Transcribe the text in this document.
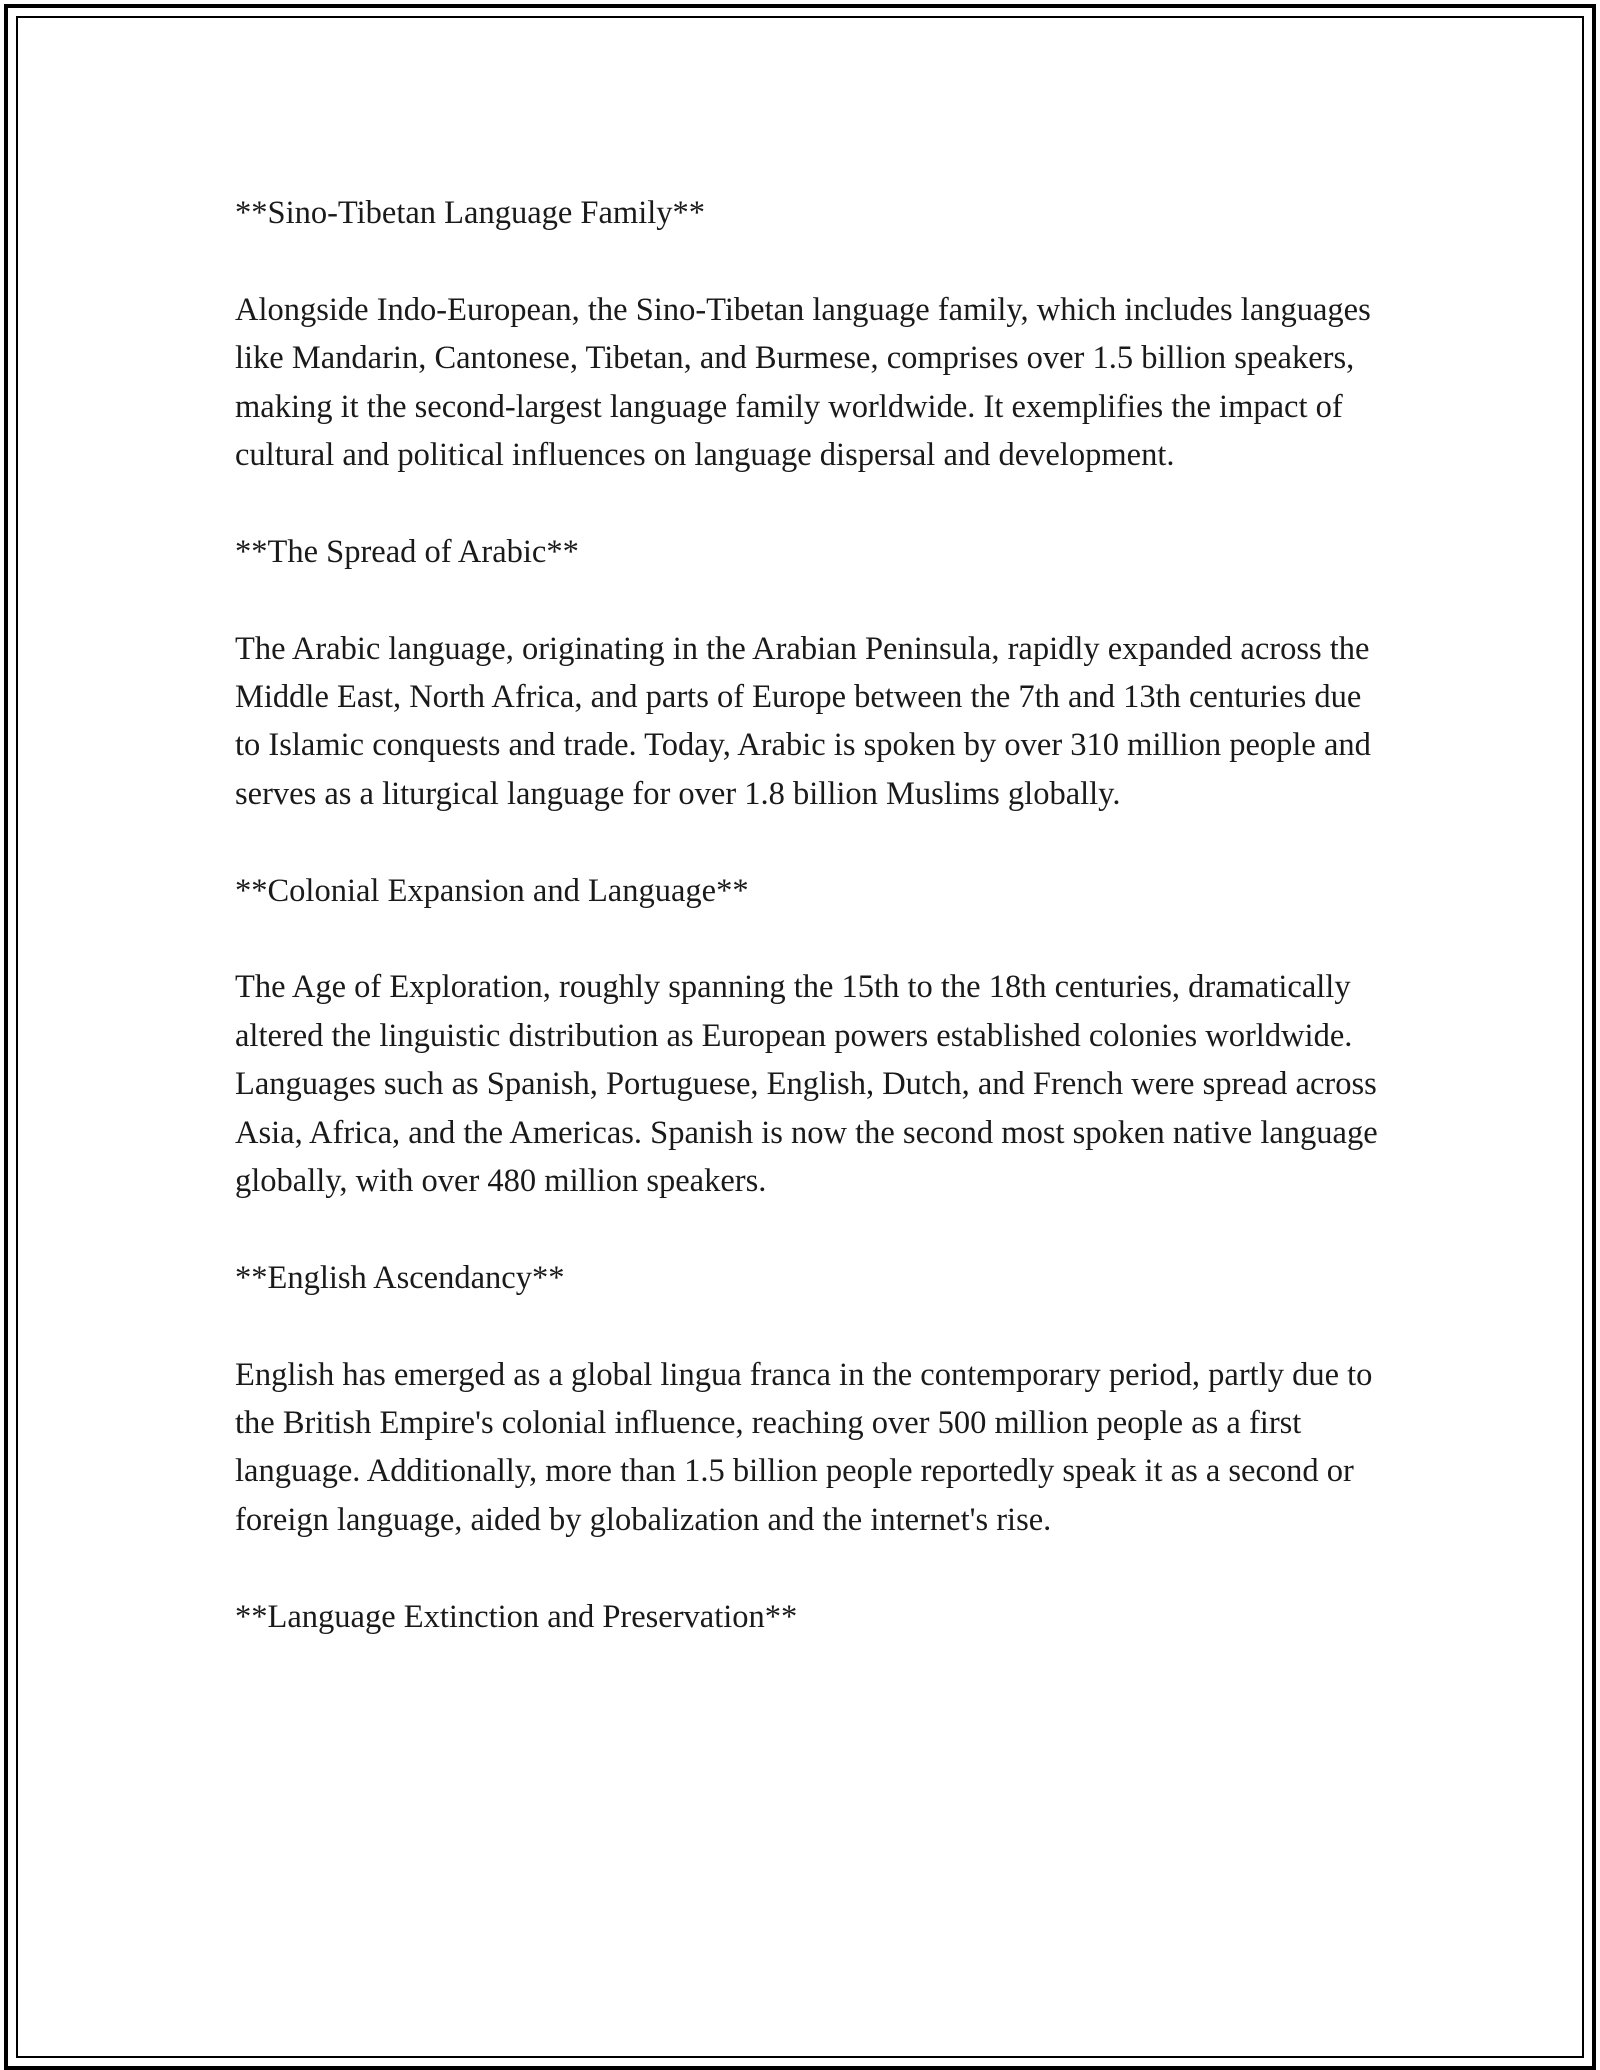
**Sino-Tibetan Language Family**

Alongside Indo-European, the Sino-Tibetan language family, which includes languages like Mandarin, Cantonese, Tibetan, and Burmese, comprises over 1.5 billion speakers, making it the second-largest language family worldwide. It exemplifies the impact of cultural and political influences on language dispersal and development.

**The Spread of Arabic**

The Arabic language, originating in the Arabian Peninsula, rapidly expanded across the Middle East, North Africa, and parts of Europe between the 7th and 13th centuries due to Islamic conquests and trade. Today, Arabic is spoken by over 310 million people and serves as a liturgical language for over 1.8 billion Muslims globally.

**Colonial Expansion and Language**

The Age of Exploration, roughly spanning the 15th to the 18th centuries, dramatically altered the linguistic distribution as European powers established colonies worldwide. Languages such as Spanish, Portuguese, English, Dutch, and French were spread across Asia, Africa, and the Americas. Spanish is now the second most spoken native language globally, with over 480 million speakers.

**English Ascendancy**

English has emerged as a global lingua franca in the contemporary period, partly due to the British Empire's colonial influence, reaching over 500 million people as a first language. Additionally, more than 1.5 billion people reportedly speak it as a second or foreign language, aided by globalization and the internet's rise.

**Language Extinction and Preservation**
